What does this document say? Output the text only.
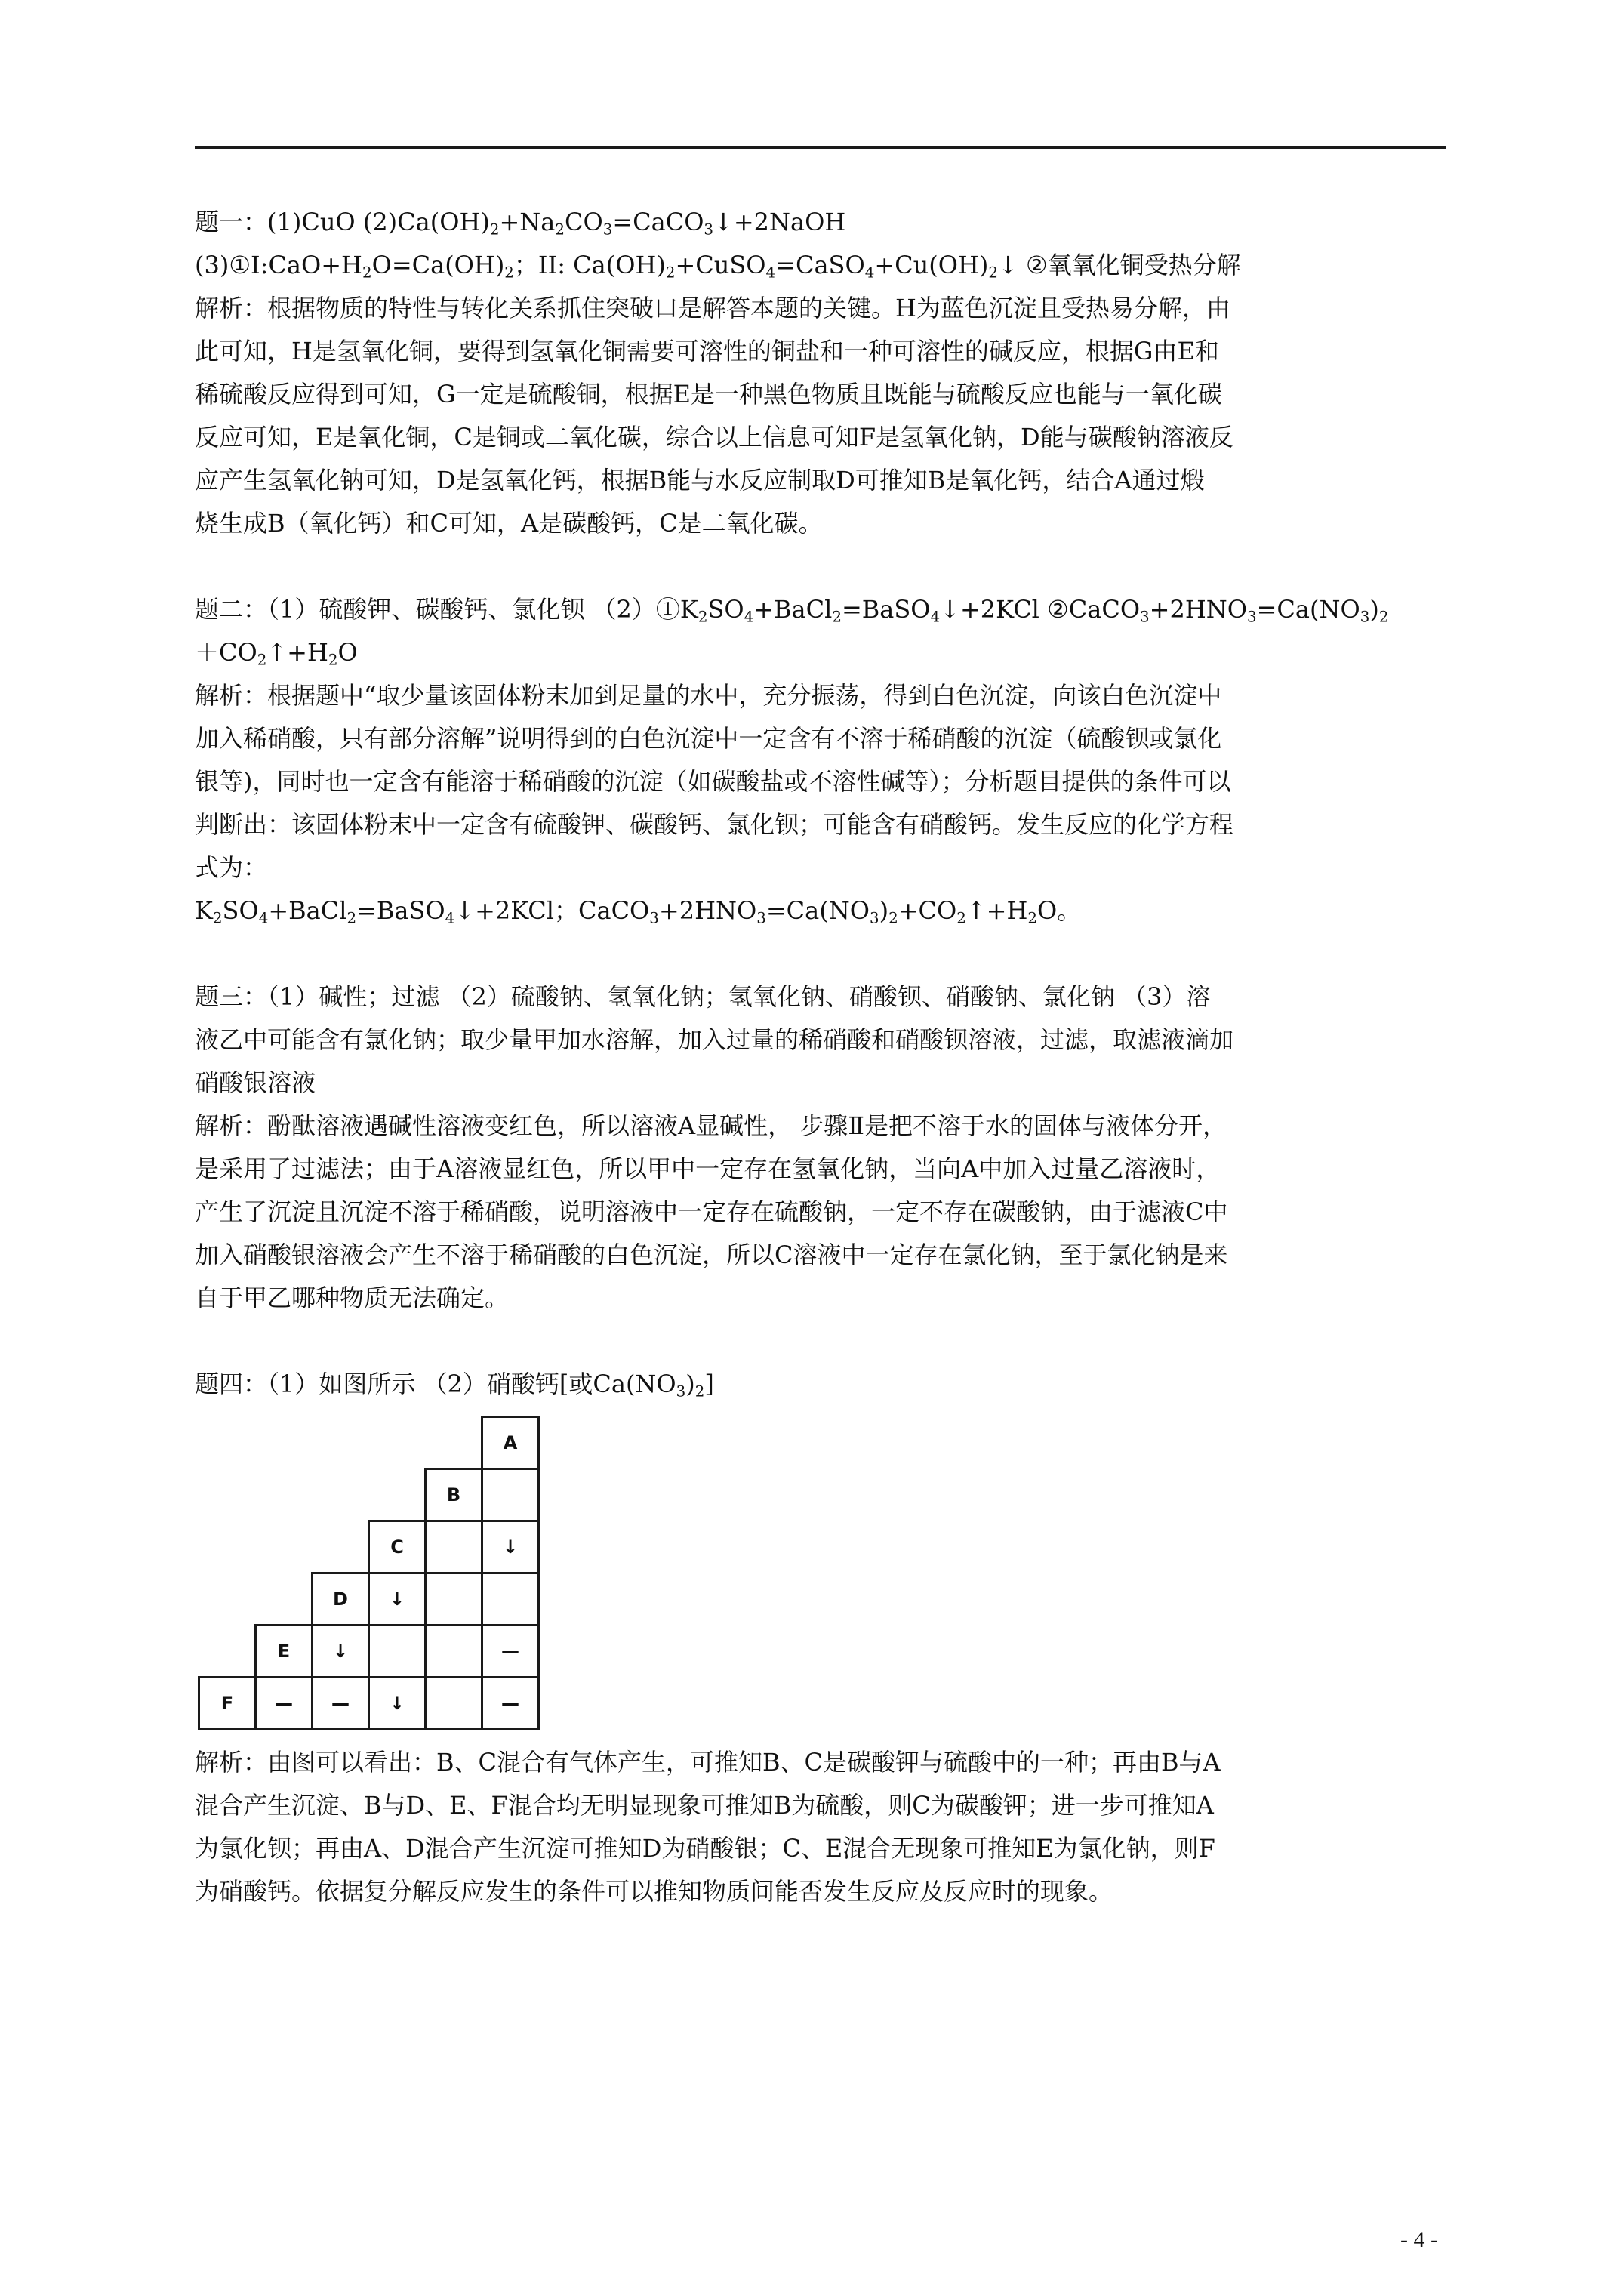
题一：(1)CuO $(2)Ca(OH)_2+Na_2CO_3=CaCO_3↓+2NaOH$

$(3)①I:CaO+H_2O=Ca(OH)_2$；II: $Ca(OH)_2+CuSO_4=CaSO_4+Cu(OH)_2↓$ ②氧氧化铜受热分解

解析：根据物质的特性与转化关系抓住突破口是解答本题的关键。H为蓝色沉淀且受热易分解，由

此可知，H是氢氧化铜，要得到氢氧化铜需要可溶性的铜盐和一种可溶性的碱反应，根据G由E和

稀硫酸反应得到可知，G一定是硫酸铜，根据E是一种黑色物质且既能与硫酸反应也能与一氧化碳

反应可知，E是氧化铜，C是铜或二氧化碳，综合以上信息可知F是氢氧化钠，D能与碳酸钠溶液反

应产生氢氧化钠可知，D是氢氧化钙，根据B能与水反应制取D可推知B是氧化钙，结合A通过煅

烧生成B（氧化钙）和C可知，A是碳酸钙，C是二氧化碳。

题二：（1）硫酸钾、碳酸钙、氯化钡 $(2)①K_2SO_4+BaCl_2=BaSO_4↓+2KCl$ $②CaCO_3+2HNO_3=Ca(NO_3)_2$

$+CO_2↑+H_2O$

解析：根据题中“取少量该固体粉末加到足量的水中，充分振荡，得到白色沉淀，向该白色沉淀中

加入稀硝酸，只有部分溶解”说明得到的白色沉淀中一定含有不溶于稀硝酸的沉淀（硫酸钡或氯化

银等)，同时也一定含有能溶于稀硝酸的沉淀（如碳酸盐或不溶性碱等）；分析题目提供的条件可以

判断出：该固体粉末中一定含有硫酸钾、碳酸钙、氯化钡；可能含有硝酸钙。发生反应的化学方程

式为：

$K_2SO_4+BaCl_2=BaSO_4↓+2KCl$；$CaCO_3+2HNO_3=Ca(NO_3)_2+CO_2↑+H_2O$。

题三：（1）碱性；过滤 （2）硫酸钠、氢氧化钠；氢氧化钠、硝酸钡、硝酸钠、氯化钠 （3）溶

液乙中可能含有氯化钠；取少量甲加水溶解，加入过量的稀硝酸和硝酸钡溶液，过滤，取滤液滴加

硝酸银溶液

解析：酚酞溶液遇碱性溶液变红色，所以溶液A显碱性， 步骤Ⅱ是把不溶于水的固体与液体分开，

是采用了过滤法；由于A溶液显红色，所以甲中一定存在氢氧化钠，当向A中加入过量乙溶液时，

产生了沉淀且沉淀不溶于稀硝酸，说明溶液中一定存在硫酸钠，一定不存在碳酸钠，由于滤液C中

加入硝酸银溶液会产生不溶于稀硝酸的白色沉淀，所以C溶液中一定存在氯化钠，至于氯化钠是来

自于甲乙哪种物质无法确定。

题四：（1）如图所示 （2）硝酸钙[或$Ca(NO_3)_2$]

					A
				B	
			C		↓
		D	↓		
	E	↓			—
F	—	—	↓		—

解析：由图可以看出：B、C混合有气体产生，可推知B、C是碳酸钾与硫酸中的一种；再由B与A

混合产生沉淀、B与D、E、F混合均无明显现象可推知B为硫酸，则C为碳酸钾；进一步可推知A

为氯化钡；再由A、D混合产生沉淀可推知D为硝酸银；C、E混合无现象可推知E为氯化钠，则F

为硝酸钙。依据复分解反应发生的条件可以推知物质间能否发生反应及反应时的现象。

- 4 -
